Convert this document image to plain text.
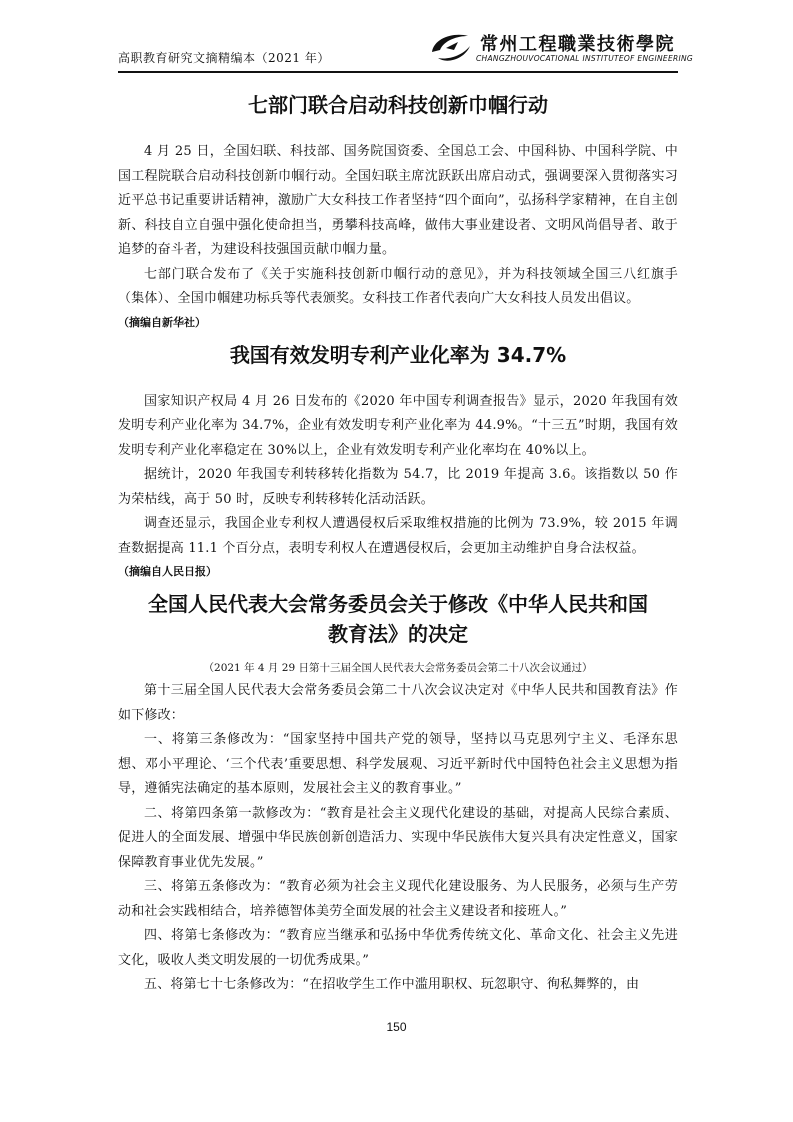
高职教育研究文摘精编本（2021 年）
常州工程職業技術學院
CHANGZHOUVOCATIONAL INSTITUTEOF ENGINEERING
七部门联合启动科技创新巾帼行动

4 月 25 日，全国妇联、科技部、国务院国资委、全国总工会、中国科协、中国科学院、中国工程院联合启动科技创新巾帼行动。全国妇联主席沈跃跃出席启动式，强调要深入贯彻落实习近平总书记重要讲话精神，激励广大女科技工作者坚持“四个面向”，弘扬科学家精神，在自主创新、科技自立自强中强化使命担当，勇攀科技高峰，做伟大事业建设者、文明风尚倡导者、敢于追梦的奋斗者，为建设科技强国贡献巾帼力量。

七部门联合发布了《关于实施科技创新巾帼行动的意见》，并为科技领域全国三八红旗手（集体）、全国巾帼建功标兵等代表颁奖。女科技工作者代表向广大女科技人员发出倡议。

（摘编自新华社）
我国有效发明专利产业化率为 34.7%

国家知识产权局 4 月 26 日发布的《2020 年中国专利调查报告》显示，2020 年我国有效发明专利产业化率为 34.7%，企业有效发明专利产业化率为 44.9%。“十三五”时期，我国有效发明专利产业化率稳定在 30%以上，企业有效发明专利产业化率均在 40%以上。

据统计，2020 年我国专利转移转化指数为 54.7，比 2019 年提高 3.6。该指数以 50 作为荣枯线，高于 50 时，反映专利转移转化活动活跃。

调查还显示，我国企业专利权人遭遇侵权后采取维权措施的比例为 73.9%，较 2015 年调查数据提高 11.1 个百分点，表明专利权人在遭遇侵权后，会更加主动维护自身合法权益。

（摘编自人民日报）
全国人民代表大会常务委员会关于修改《中华人民共和国
教育法》的决定
（2021 年 4 月 29 日第十三届全国人民代表大会常务委员会第二十八次会议通过）

第十三届全国人民代表大会常务委员会第二十八次会议决定对《中华人民共和国教育法》作如下修改：

一、将第三条修改为：“国家坚持中国共产党的领导，坚持以马克思列宁主义、毛泽东思想、邓小平理论、‘三个代表’重要思想、科学发展观、习近平新时代中国特色社会主义思想为指导，遵循宪法确定的基本原则，发展社会主义的教育事业。”

二、将第四条第一款修改为：“教育是社会主义现代化建设的基础，对提高人民综合素质、促进人的全面发展、增强中华民族创新创造活力、实现中华民族伟大复兴具有决定性意义，国家保障教育事业优先发展。”

三、将第五条修改为：“教育必须为社会主义现代化建设服务、为人民服务，必须与生产劳动和社会实践相结合，培养德智体美劳全面发展的社会主义建设者和接班人。”

四、将第七条修改为：“教育应当继承和弘扬中华优秀传统文化、革命文化、社会主义先进文化，吸收人类文明发展的一切优秀成果。”

五、将第七十七条修改为：“在招收学生工作中滥用职权、玩忽职守、徇私舞弊的，由

150
